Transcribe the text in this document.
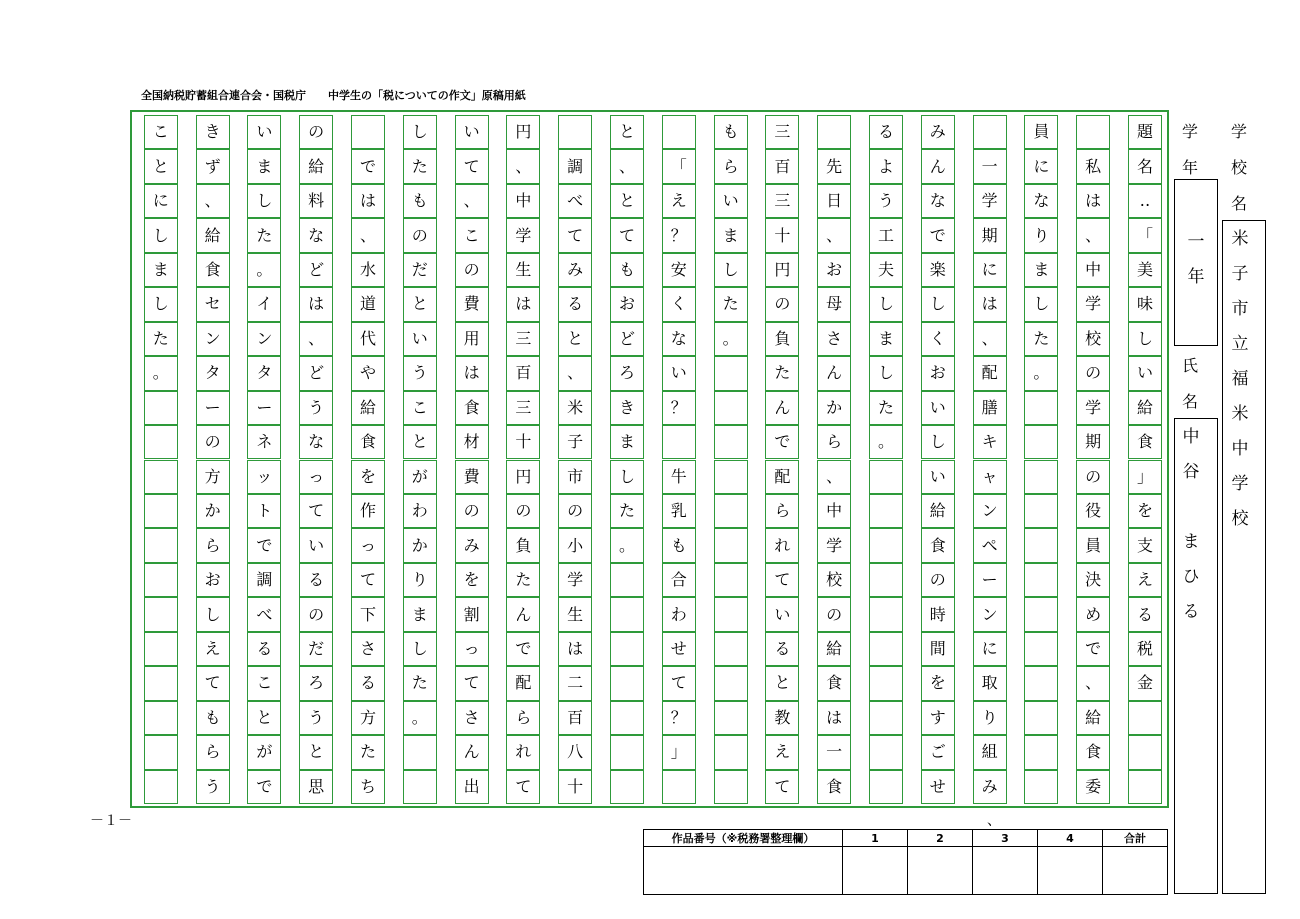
全国納税貯蓄組合連合会・国税庁　　中学生の「税についての作文」原稿用紙
題
名
‥
「
美
味
し
い
給
食
」
を
支
え
る
税
金
私
は
、
中
学
校
の
学
期
の
役
員
決
め
で
、
給
食
委
員
に
な
り
ま
し
た
。
一
学
期
に
は
、
配
膳
キ
ャ
ン
ペ
ー
ン
に
取
り
組
み
み
ん
な
で
楽
し
く
お
い
し
い
給
食
の
時
間
を
す
ご
せ
る
よ
う
工
夫
し
ま
し
た
。
先
日
、
お
母
さ
ん
か
ら
、
中
学
校
の
給
食
は
一
食
三
百
三
十
円
の
負
た
ん
で
配
ら
れ
て
い
る
と
教
え
て
も
ら
い
ま
し
た
。
「
え
？
安
く
な
い
？
牛
乳
も
合
わ
せ
て
？
」
と
、
と
て
も
お
ど
ろ
き
ま
し
た
。
調
べ
て
み
る
と
、
米
子
市
の
小
学
生
は
二
百
八
十
円
、
中
学
生
は
三
百
三
十
円
の
負
た
ん
で
配
ら
れ
て
い
て
、
こ
の
費
用
は
食
材
費
の
み
を
割
っ
て
さ
ん
出
し
た
も
の
だ
と
い
う
こ
と
が
わ
か
り
ま
し
た
。
で
は
、
水
道
代
や
給
食
を
作
っ
て
下
さ
る
方
た
ち
の
給
料
な
ど
は
、
ど
う
な
っ
て
い
る
の
だ
ろ
う
と
思
い
ま
し
た
。
イ
ン
タ
ー
ネ
ッ
ト
で
調
べ
る
こ
と
が
で
き
ず
、
給
食
セ
ン
タ
ー
の
方
か
ら
お
し
え
て
も
ら
う
こ
と
に
し
ま
し
た
。
－１－	、
学
年
一
年
氏
名
中
谷

ま
ひ
る
学
校
名
米
子
市
立
福
米
中
学
校
作品番号（※税務署整理欄）	1	2	3	4	合計
